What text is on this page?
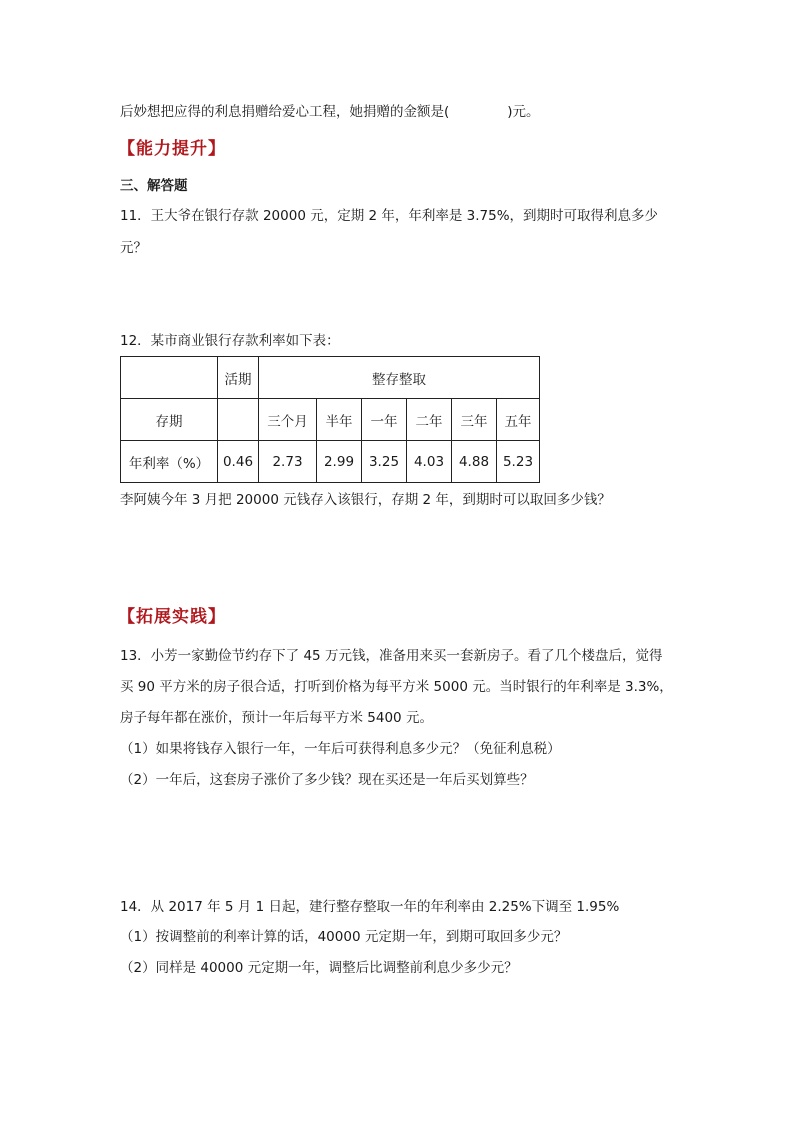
后妙想把应得的利息捐赠给爱心工程，她捐赠的金额是(	)元。
【能力提升】
三、解答题
11．王大爷在银行存款 20000 元，定期 2 年，年利率是 3.75%，到期时可取得利息多少
元？
12．某市商业银行存款利率如下表：
	活期	整存整取					
存期		三个月	半年	一年	二年	三年	五年
年利率（%）	0.46	2.73	2.99	3.25	4.03	4.88	5.23
李阿姨今年 3 月把 20000 元钱存入该银行，存期 2 年，到期时可以取回多少钱？
【拓展实践】
13．小芳一家勤俭节约存下了 45 万元钱，准备用来买一套新房子。看了几个楼盘后，觉得
买 90 平方米的房子很合适，打听到价格为每平方米 5000 元。当时银行的年利率是 3.3%，
房子每年都在涨价，预计一年后每平方米 5400 元。
（1）如果将钱存入银行一年，一年后可获得利息多少元？（免征利息税）
（2）一年后，这套房子涨价了多少钱？现在买还是一年后买划算些？
14．从 2017 年 5 月 1 日起，建行整存整取一年的年利率由 2.25%下调至 1.95%
（1）按调整前的利率计算的话，40000 元定期一年，到期可取回多少元？
（2）同样是 40000 元定期一年，调整后比调整前利息少多少元？
